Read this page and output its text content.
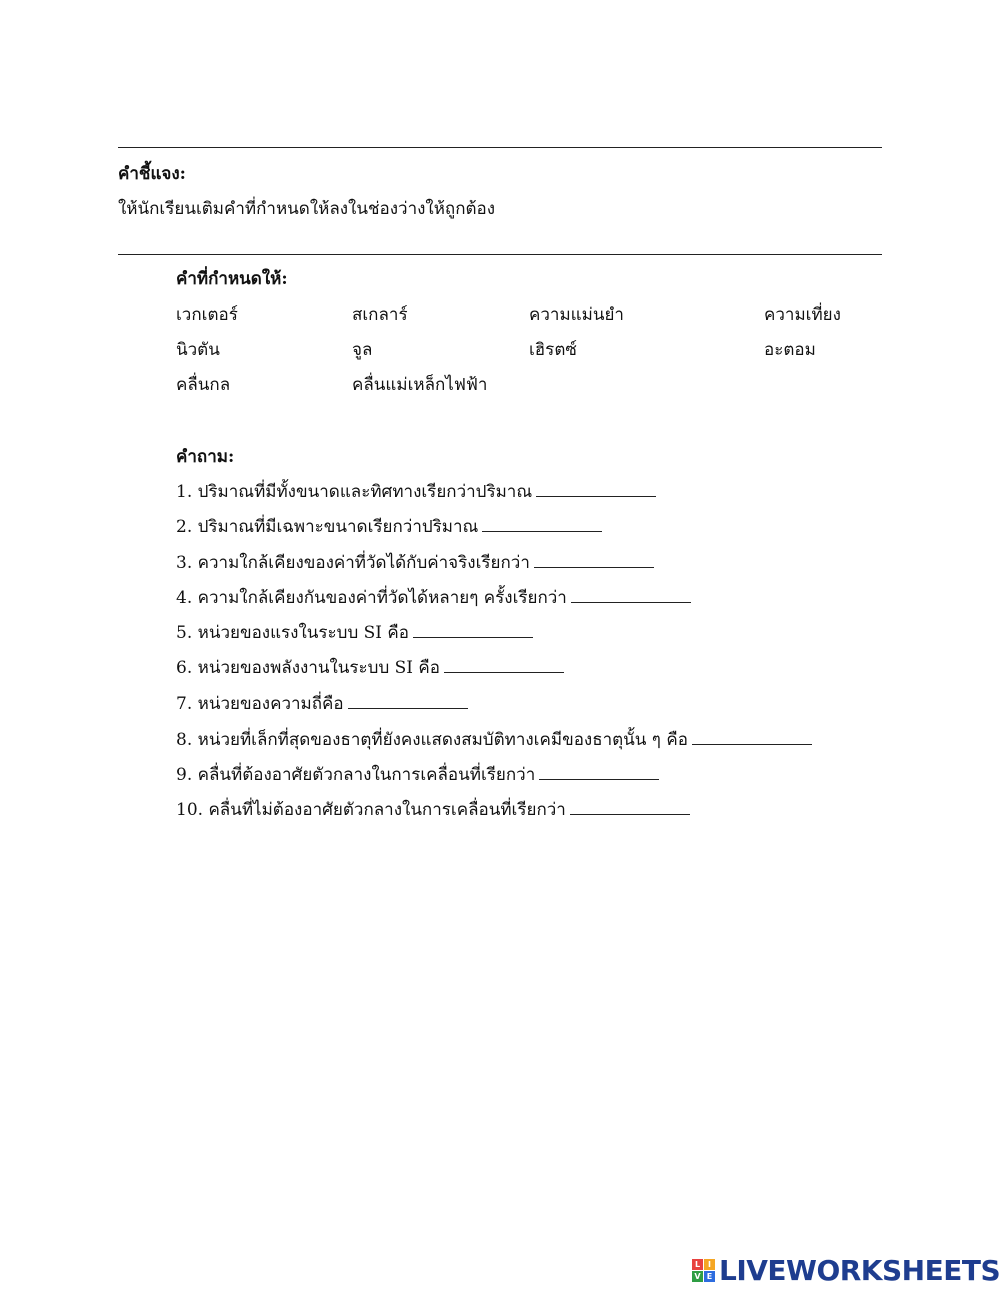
คำชี้แจง:
ให้นักเรียนเติมคำที่กำหนดให้ลงในช่องว่างให้ถูกต้อง
คำที่กำหนดให้:
เวกเตอร์	สเกลาร์	ความแม่นยำ	ความเที่ยง
นิวตัน	จูล	เฮิรตซ์	อะตอม
คลื่นกล	คลื่นแม่เหล็กไฟฟ้า
คำถาม:
1. ปริมาณที่มีทั้งขนาดและทิศทางเรียกว่าปริมาณ
2. ปริมาณที่มีเฉพาะขนาดเรียกว่าปริมาณ
3. ความใกล้เคียงของค่าที่วัดได้กับค่าจริงเรียกว่า
4. ความใกล้เคียงกันของค่าที่วัดได้หลายๆ ครั้งเรียกว่า
5. หน่วยของแรงในระบบ SI คือ
6. หน่วยของพลังงานในระบบ SI คือ
7. หน่วยของความถี่คือ
8. หน่วยที่เล็กที่สุดของธาตุที่ยังคงแสดงสมบัติทางเคมีของธาตุนั้น ๆ คือ
9. คลื่นที่ต้องอาศัยตัวกลางในการเคลื่อนที่เรียกว่า
10. คลื่นที่ไม่ต้องอาศัยตัวกลางในการเคลื่อนที่เรียกว่า
L I
V E LIVEWORKSHEETS
